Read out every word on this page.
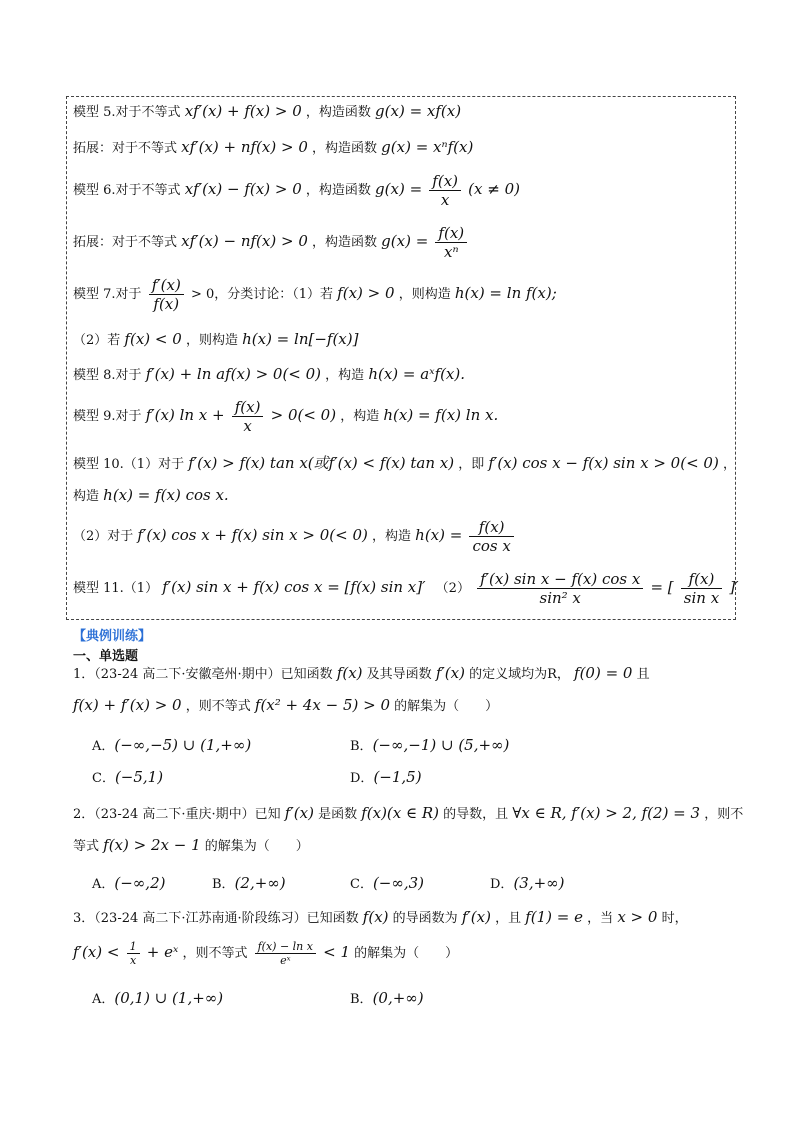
模型 5.对于不等式 xf′(x) + f(x) > 0 ，构造函数 g(x) = xf(x)
拓展：对于不等式 xf′(x) + nf(x) > 0 ，构造函数 g(x) = xⁿf(x)
模型 6.对于不等式 xf′(x) − f(x) > 0 ，构造函数 $g(x) = \frac{f(x)}{x} (x \ne 0)$
拓展：对于不等式 xf′(x) − nf(x) > 0 ，构造函数 $g(x) = \frac{f(x)}{\text{xⁿ}}$
模型 7.对于 $\frac{f'(x)}{f(x)} > 0$，分类讨论：（1）若 f(x) > 0 ，则构造 h(x) = ln f(x);
（2）若 f(x) < 0 ，则构造 h(x) = ln[−f(x)]
模型 8.对于 f′(x) + ln af(x) > 0(< 0) ，构造 h(x) = aˣf(x).
模型 9.对于 f′(x) $\ln x + \frac{f(x)}{x} > 0(< 0)$ ，构造 h(x) = f(x) ln x.
模型 10.（1）对于 f′(x) > f(x) tan x(或f′(x) < f(x) tan x) ，即 f′(x) cos x − f(x) sin x > 0(< 0) ，
构造 h(x) = f(x) cos x.
（2）对于 f′(x) cos x + f(x) sin x > 0(< 0) ，构造 $h(x) = \frac{f(x)}{\text{cos x}}$
模型 11.（1） f′(x) sin x + f(x) cos x = [f(x) sin x]′ $(2) \frac{\text{f′(x) sin x − f(x) cos x}}{\text{sin² x}}$ = [ $\frac{f(x)}{\text{sin x}}$ ]′
【典例训练】
一、单选题
1．（23-24 高二下·安徽亳州·期中）已知函数 f(x) 及其导函数 f′(x) 的定义域均为R， f(0) = 0 且
f(x) + f′(x) > 0 ，则不等式 f(x² + 4x − 5) > 0 的解集为（　　）
A．(−∞,−5) ∪ (1,+∞)	B．(−∞,−1) ∪ (5,+∞)
C．(−5,1)	D．(−1,5)
2．（23-24 高二下·重庆·期中）已知 f′(x) 是函数 f(x)(x ∈ R) 的导数，且 ∀x ∈ R, f′(x) > 2, f(2) = 3 ，则不
等式 f(x) > 2x − 1 的解集为（　　）
A．(−∞,2)	B．(2,+∞)	C．(−∞,3)	D．(3,+∞)
3．（23-24 高二下·江苏南通·阶段练习）已知函数 f(x) 的导函数为 f′(x) ，且 f(1) = e ，当 x > 0 时，
$f'(x) < \frac{1}{x}$ + eˣ ，则不等式 $\frac{\text{f(x) − ln x}}{\text{eˣ}} < 1$ 的解集为（　　）
A．(0,1) ∪ (1,+∞)	B．(0,+∞)
